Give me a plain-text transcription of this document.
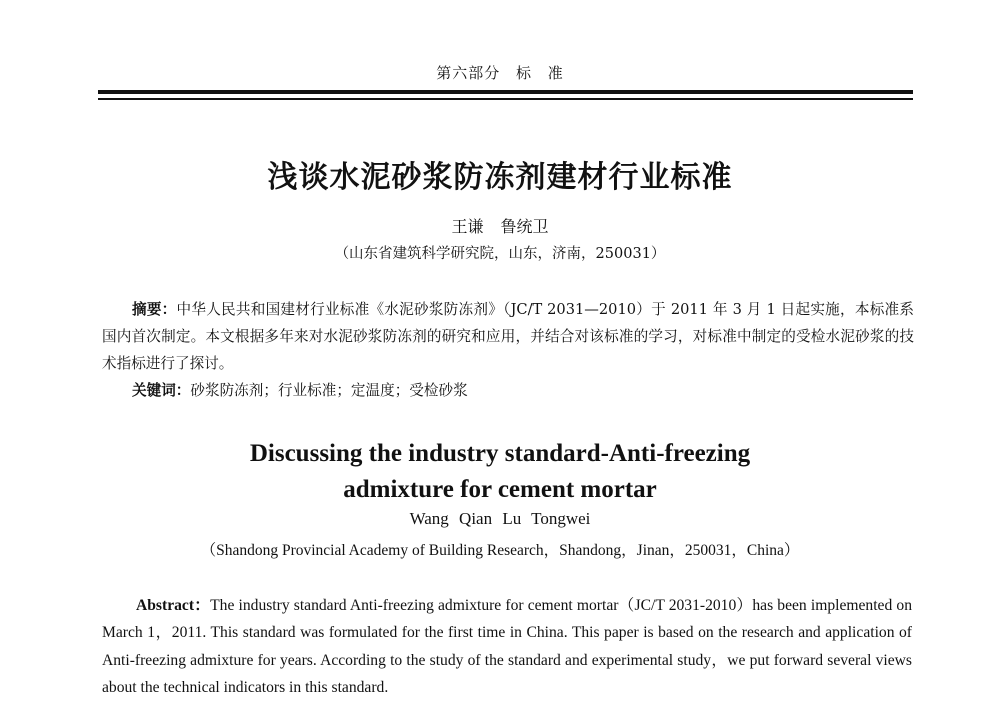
第六部分 标 准
浅谈水泥砂浆防冻剂建材行业标准
王谦 鲁统卫
（山东省建筑科学研究院，山东，济南，250031）

摘要：中华人民共和国建材行业标准《水泥砂浆防冻剂》（JC/T 2031—2010）于 2011 年 3 月 1 日起实施，本标准系国内首次制定。本文根据多年来对水泥砂浆防冻剂的研究和应用，并结合对该标准的学习，对标准中制定的受检水泥砂浆的技术指标进行了探讨。

关键词：砂浆防冻剂；行业标准；定温度；受检砂浆

Discussing the industry standard-Anti-freezing
admixture for cement mortar
Wang Qian Lu Tongwei
（Shandong Provincial Academy of Building Research，Shandong，Jinan，250031，China）

Abstract：The industry standard Anti-freezing admixture for cement mortar（JC/T 2031-2010）has been implemented on March 1，2011. This standard was formulated for the first time in China. This paper is based on the research and application of Anti-freezing admixture for years. According to the study of the standard and experimental study，we put forward several views about the technical indicators in this standard.
